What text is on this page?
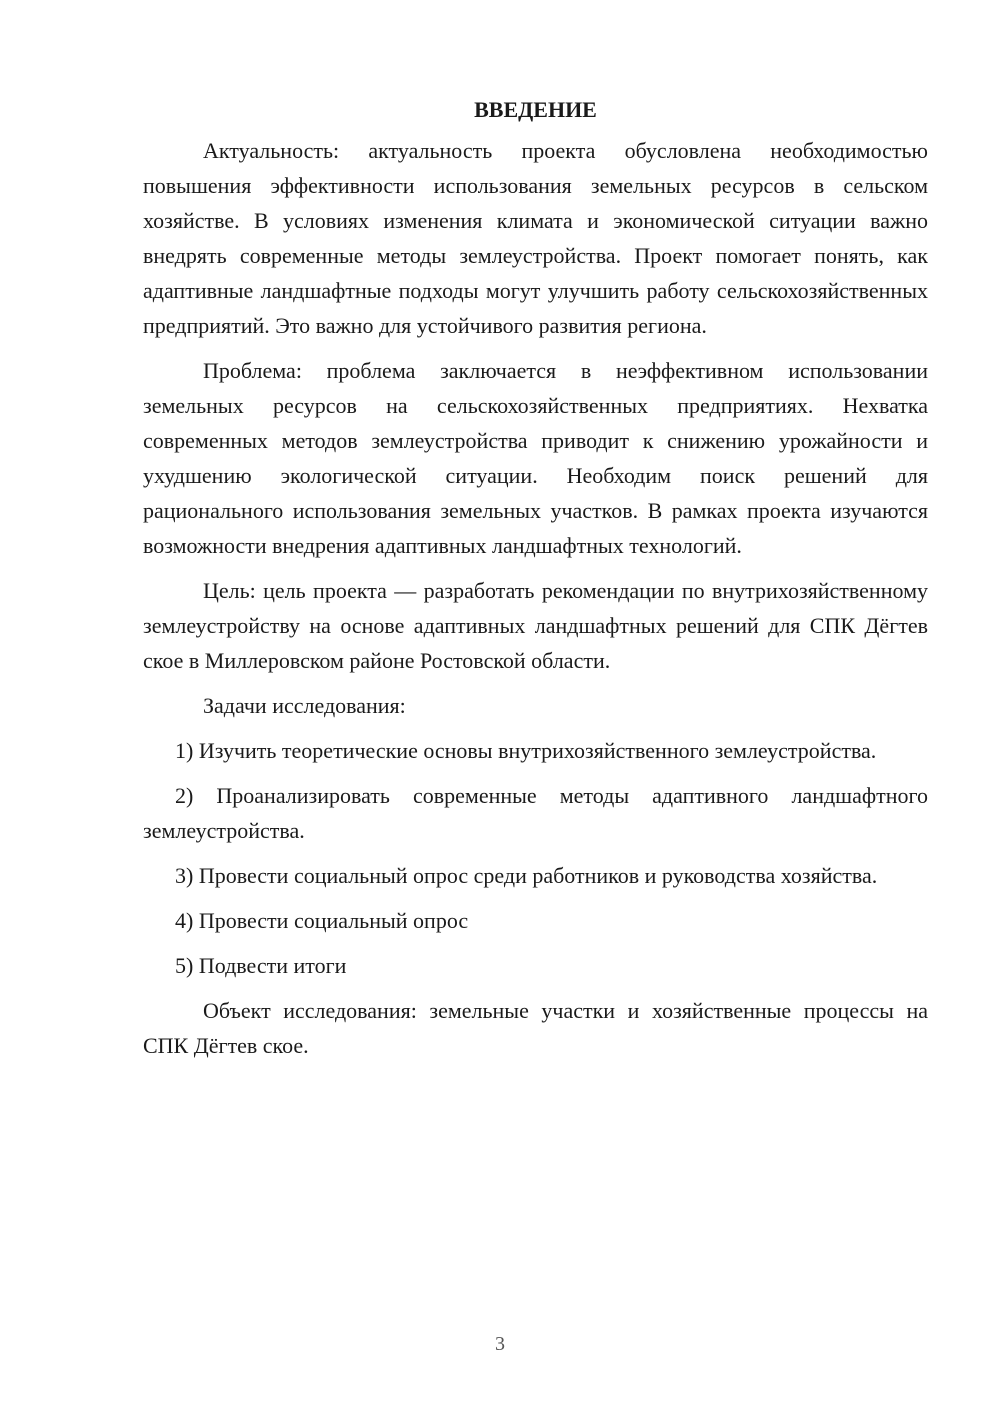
ВВЕДЕНИЕ

Актуальность: актуальность проекта обусловлена необходимостью повышения эффективности использования земельных ресурсов в сельском хозяйстве. В условиях изменения климата и экономической ситуации важно внедрять современные методы землеустройства. Проект помогает понять, как адаптивные ландшафтные подходы могут улучшить работу сельскохозяйственных предприятий. Это важно для устойчивого развития региона.

Проблема: проблема заключается в неэффективном использовании земельных ресурсов на сельскохозяйственных предприятиях. Нехватка современных методов землеустройства приводит к снижению урожайности и ухудшению экологической ситуации. Необходим поиск решений для рационального использования земельных участков. В рамках проекта изучаются возможности внедрения адаптивных ландшафтных технологий.

Цель: цель проекта — разработать рекомендации по внутрихозяйственному землеустройству на основе адаптивных ландшафтных решений для СПК Дёгтев ское в Миллеровском районе Ростовской области.

Задачи исследования:

1) Изучить теоретические основы внутрихозяйственного землеустройства.

2) Проанализировать современные методы адаптивного ландшафтного землеустройства.

3) Провести социальный опрос среди работников и руководства хозяйства.

4) Провести социальный опрос

5) Подвести итоги

Объект исследования: земельные участки и хозяйственные процессы на СПК Дёгтев ское.

3
